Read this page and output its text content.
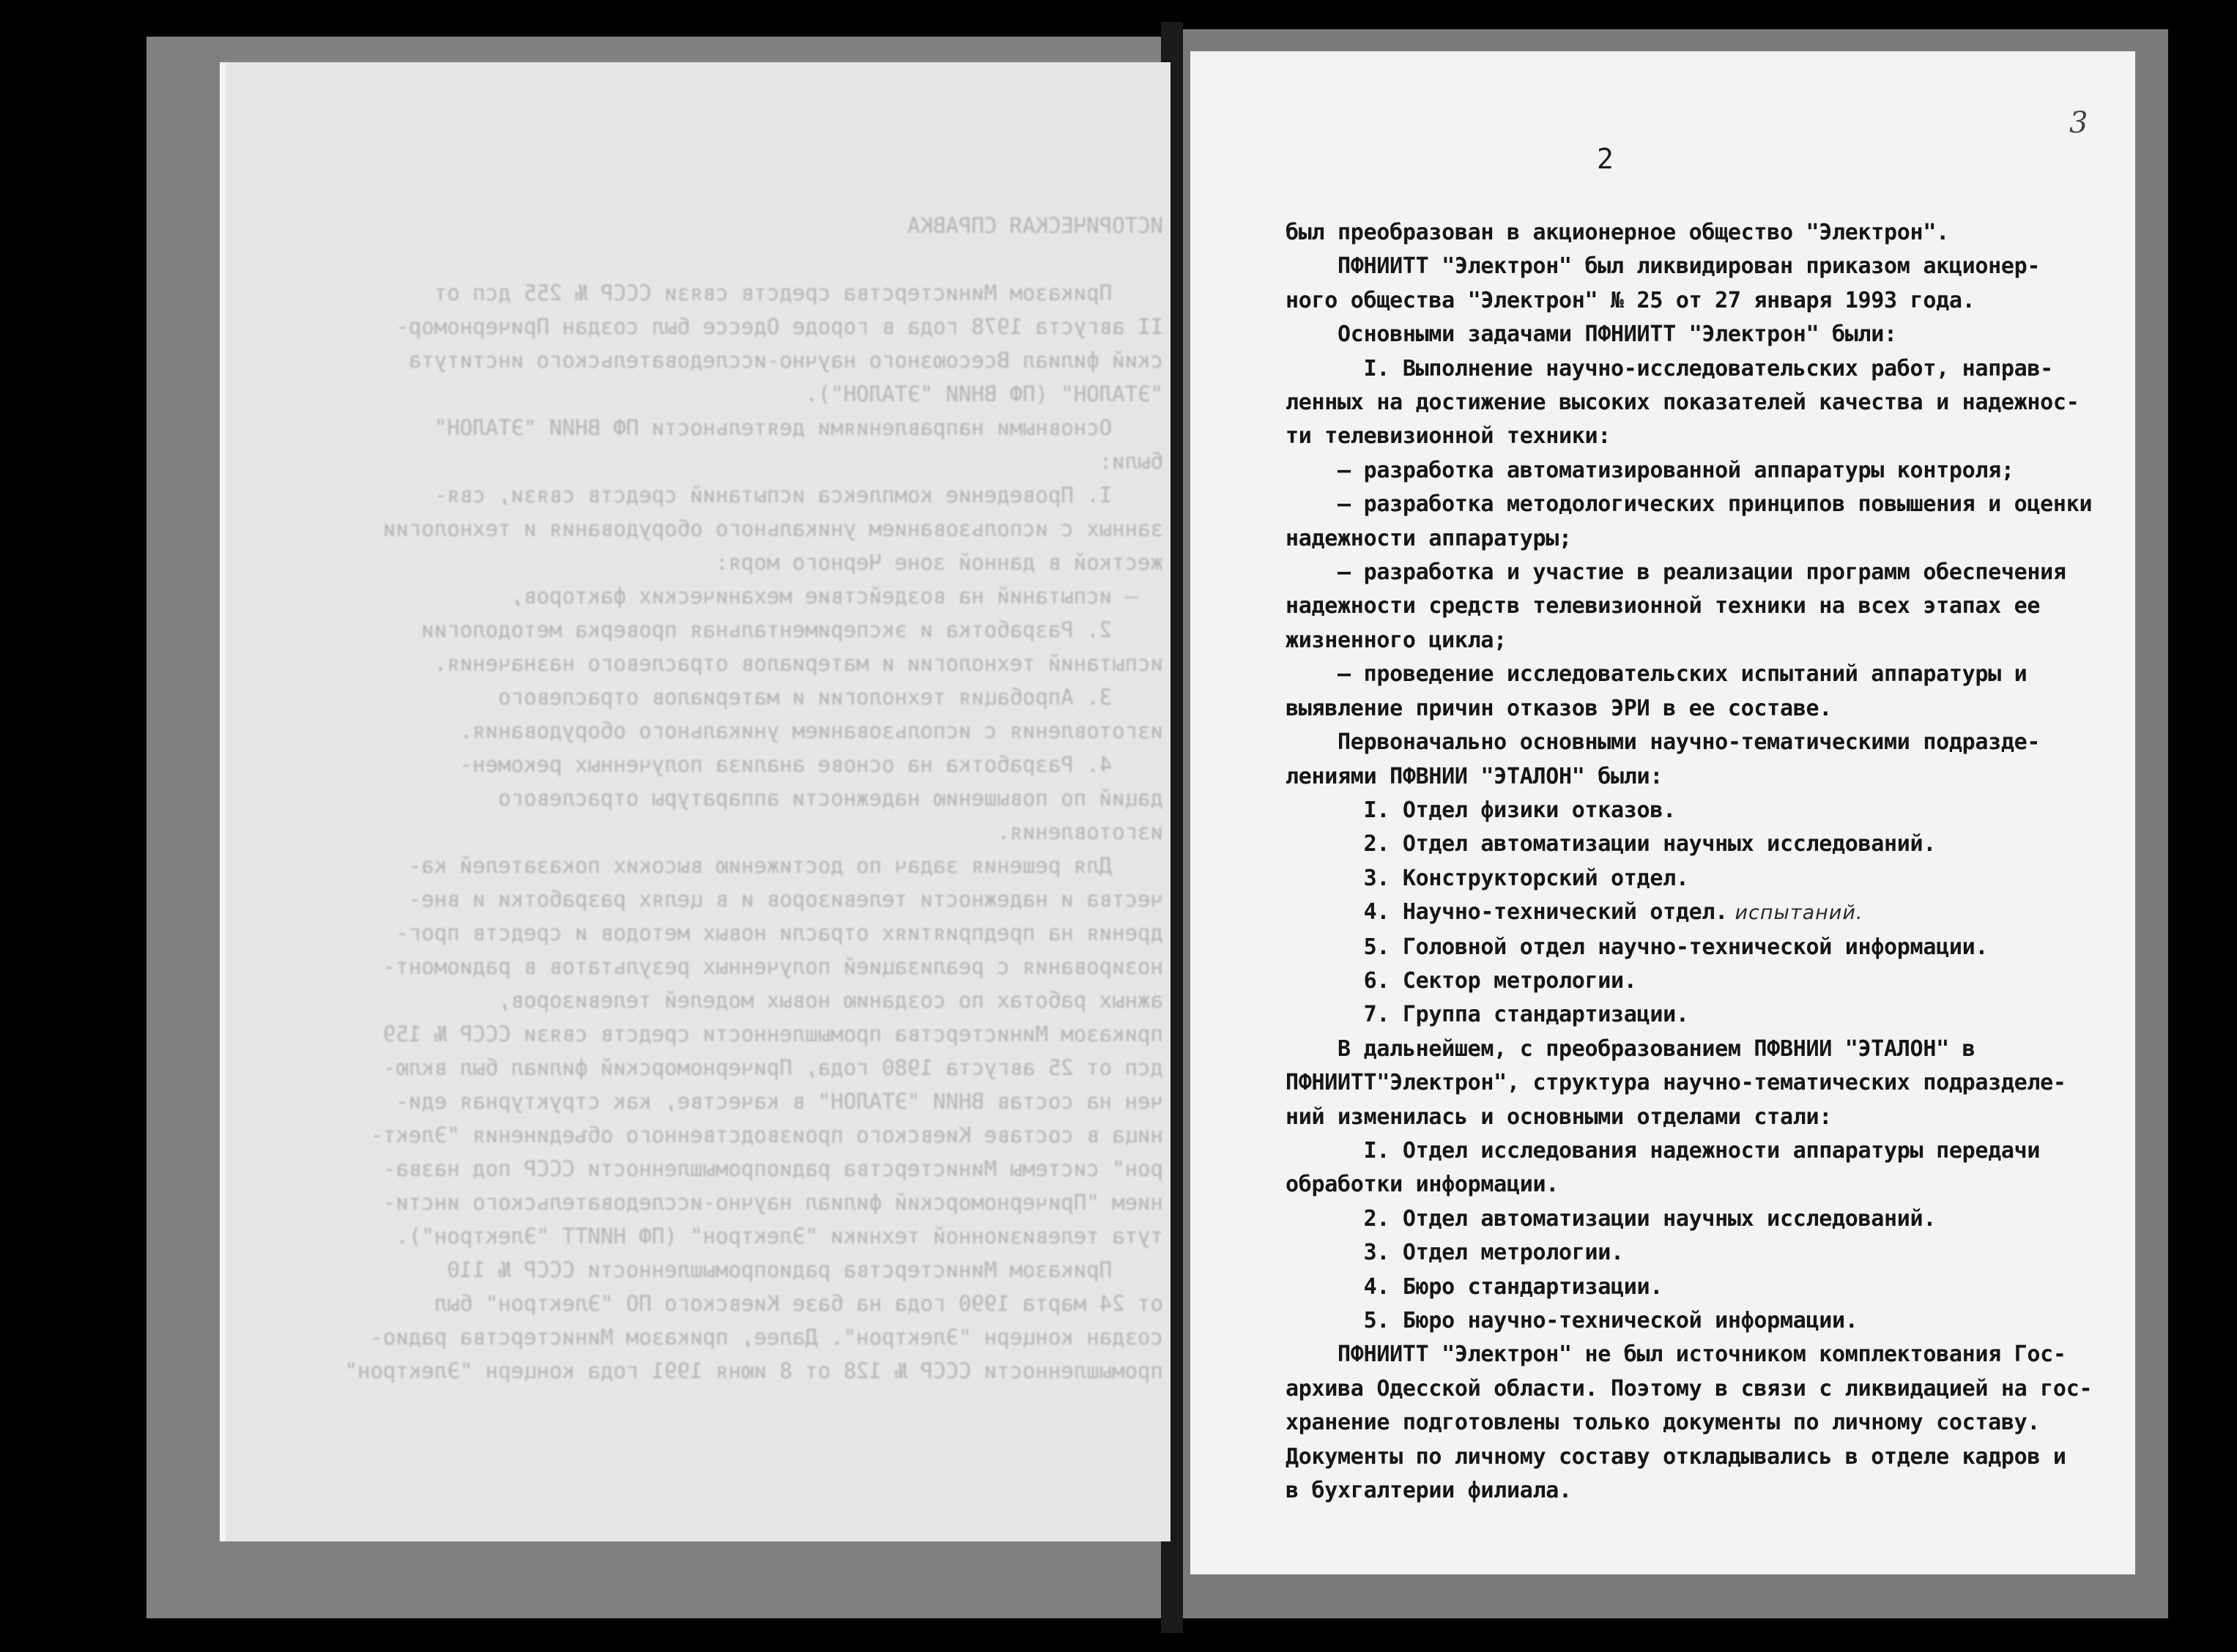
ИСТОРИЧЕСКАЯ СПРАВКА

Приказом Министерства средств связи СССР № 255 дсп от
II августа 1978 года в городе Одессе был создан Причерномор-
ский филиал Всесоюзного научно-исследовательского института
"ЭТАЛОН" (ПФ ВНИИ "ЭТАЛОН").
Основными направлениями деятельности ПФ ВНИИ "ЭТАЛОН"
были:
I. Проведение комплекса испытаний средств связи, свя-
занных с использованием уникального оборудования и технологии
жесткой в данной зоне Черного моря:
– испытаний на воздействие механических факторов,
2. Разработка и экспериментальная проверка методологии
испытаний технологии и материалов отраслевого назначения.
3. Апробация технологии и материалов отраслевого
изготовления с использованием уникального оборудования.
4. Разработка на основе анализа полученных рекомен-
даций по повышению надежности аппаратуры отраслевого
изготовления.
Для решения задач по достижению высоких показателей ка-
чества и надежности телевизоров и в целях разработки и вне-
дрения на предприятиях отрасли новых методов и средств прог-
нозирования с реализацией полученных результатов в радиомонт-
ажных работах по созданию новых моделей телевизоров,
приказом Министерства промышленности средств связи СССР № 159
дсп от 25 августа 1980 года, Причерноморский филиал был вклю-
чен на состав ВНИИ "ЭТАЛОН" в качестве, как структурная еди-
ница в составе Киевского производственного объединения "Элект-
рон" системы Министерства радиопромышленности СССР под назва-
нием "Причерноморский филиал научно-исследовательского инсти-
тута телевизионной техники "Электрон" (ПФ НИИТТ "Электрон").
Приказом Министерства радиопромышленности СССР № 110
от 24 марта 1990 года на базе Киевского ПО "Электрон" был
создан концерн "Электрон". Далее, приказом Министерства радио-
промышленности СССР № 128 от 8 июня 1991 года концерн "Электрон"
2
3

был преобразован в акционерное общество "Электрон".

ПФНИИТТ "Электрон" был ликвидирован приказом акционер-

ного общества "Электрон" № 25 от 27 января 1993 года.

Основными задачами ПФНИИТТ "Электрон" были:

I. Выполнение научно-исследовательских работ, направ-

ленных на достижение высоких показателей качества и надежнос-

ти телевизионной техники:

– разработка автоматизированной аппаратуры контроля;

– разработка методологических принципов повышения и оценки

надежности аппаратуры;

– разработка и участие в реализации программ обеспечения

надежности средств телевизионной техники на всех этапах ее

жизненного цикла;

– проведение исследовательских испытаний аппаратуры и

выявление причин отказов ЭРИ в ее составе.

Первоначально основными научно-тематическими подразде-

лениями ПФВНИИ "ЭТАЛОН" были:

I. Отдел физики отказов.

2. Отдел автоматизации научных исследований.

3. Конструкторский отдел.

4. Научно-технический отдел. испытаний.

5. Головной отдел научно-технической информации.

6. Сектор метрологии.

7. Группа стандартизации.

В дальнейшем, с преобразованием ПФВНИИ "ЭТАЛОН" в

ПФНИИТТ"Электрон", структура научно-тематических подразделе-

ний изменилась и основными отделами стали:

I. Отдел исследования надежности аппаратуры передачи

обработки информации.

2. Отдел автоматизации научных исследований.

3. Отдел метрологии.

4. Бюро стандартизации.

5. Бюро научно-технической информации.

ПФНИИТТ "Электрон" не был источником комплектования Гос-

архива Одесской области. Поэтому в связи с ликвидацией на гос-

хранение подготовлены только документы по личному составу.

Документы по личному составу откладывались в отделе кадров и

в бухгалтерии филиала.
